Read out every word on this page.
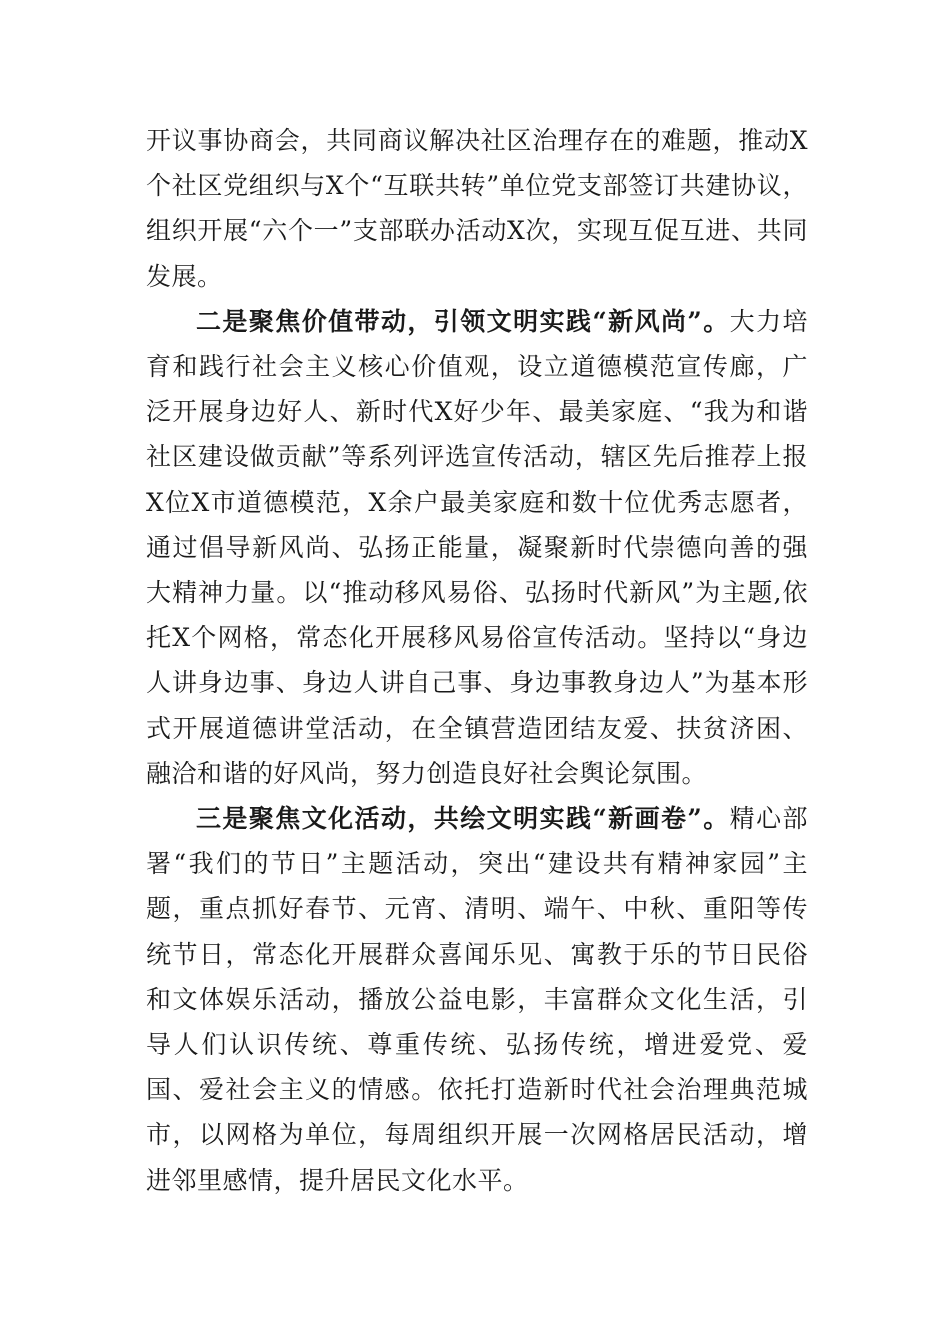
开议事协商会，共同商议解决社区治理存在的难题，推动X个社区党组织与X个“互联共转”单位党支部签订共建协议，组织开展“六个一”支部联办活动X次，实现互促互进、共同发展。

二是聚焦价值带动，引领文明实践“新风尚”。大力培育和践行社会主义核心价值观，设立道德模范宣传廊，广泛开展身边好人、新时代X好少年、最美家庭、“我为和谐社区建设做贡献”等系列评选宣传活动，辖区先后推荐上报X位X市道德模范，X余户最美家庭和数十位优秀志愿者，通过倡导新风尚、弘扬正能量，凝聚新时代崇德向善的强大精神力量。以“推动移风易俗、弘扬时代新风”为主题,依托X个网格，常态化开展移风易俗宣传活动。坚持以“身边人讲身边事、身边人讲自己事、身边事教身边人”为基本形式开展道德讲堂活动，在全镇营造团结友爱、扶贫济困、融洽和谐的好风尚，努力创造良好社会舆论氛围。

三是聚焦文化活动，共绘文明实践“新画卷”。精心部署“我们的节日”主题活动，突出“建设共有精神家园”主题，重点抓好春节、元宵、清明、端午、中秋、重阳等传统节日，常态化开展群众喜闻乐见、寓教于乐的节日民俗和文体娱乐活动，播放公益电影，丰富群众文化生活，引导人们认识传统、尊重传统、弘扬传统，增进爱党、爱国、爱社会主义的情感。依托打造新时代社会治理典范城市，以网格为单位，每周组织开展一次网格居民活动，增进邻里感情，提升居民文化水平。
